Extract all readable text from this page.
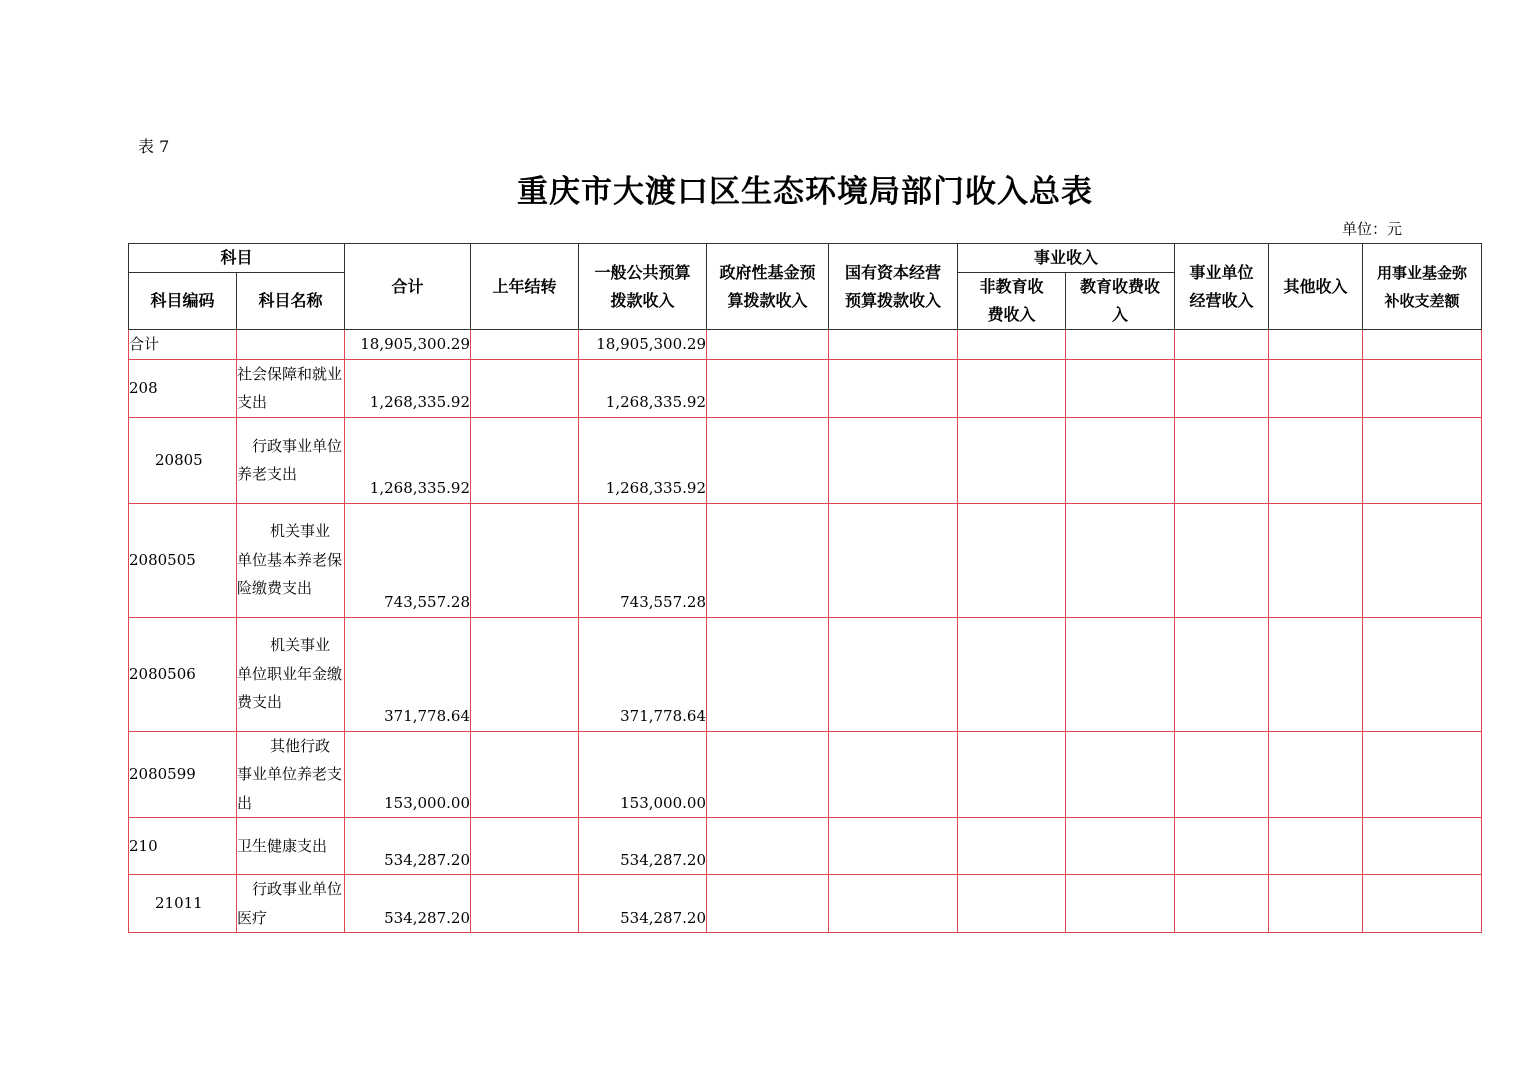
表 7
重庆市大渡口区生态环境局部门收入总表
单位：元
科目		合计	上年结转	一般公共预算拨款收入	政府性基金预算拨款收入	国有资本经营预算拨款收入	事业收入		事业单位经营收入	其他收入	用事业基金弥补收支差额
科目编码	科目名称						非教育收费收入	教育收费收入			
合计		18,905,300.29		18,905,300.29							
208	社会保障和就业支出	1,268,335.92		1,268,335.92							
20805	行政事业单位养老支出	1,268,335.92		1,268,335.92							
2080505	机关事业单位基本养老保险缴费支出	743,557.28		743,557.28							
2080506	机关事业单位职业年金缴费支出	371,778.64		371,778.64							
2080599	其他行政事业单位养老支出	153,000.00		153,000.00							
210	卫生健康支出	534,287.20		534,287.20							
21011	行政事业单位医疗	534,287.20		534,287.20							
